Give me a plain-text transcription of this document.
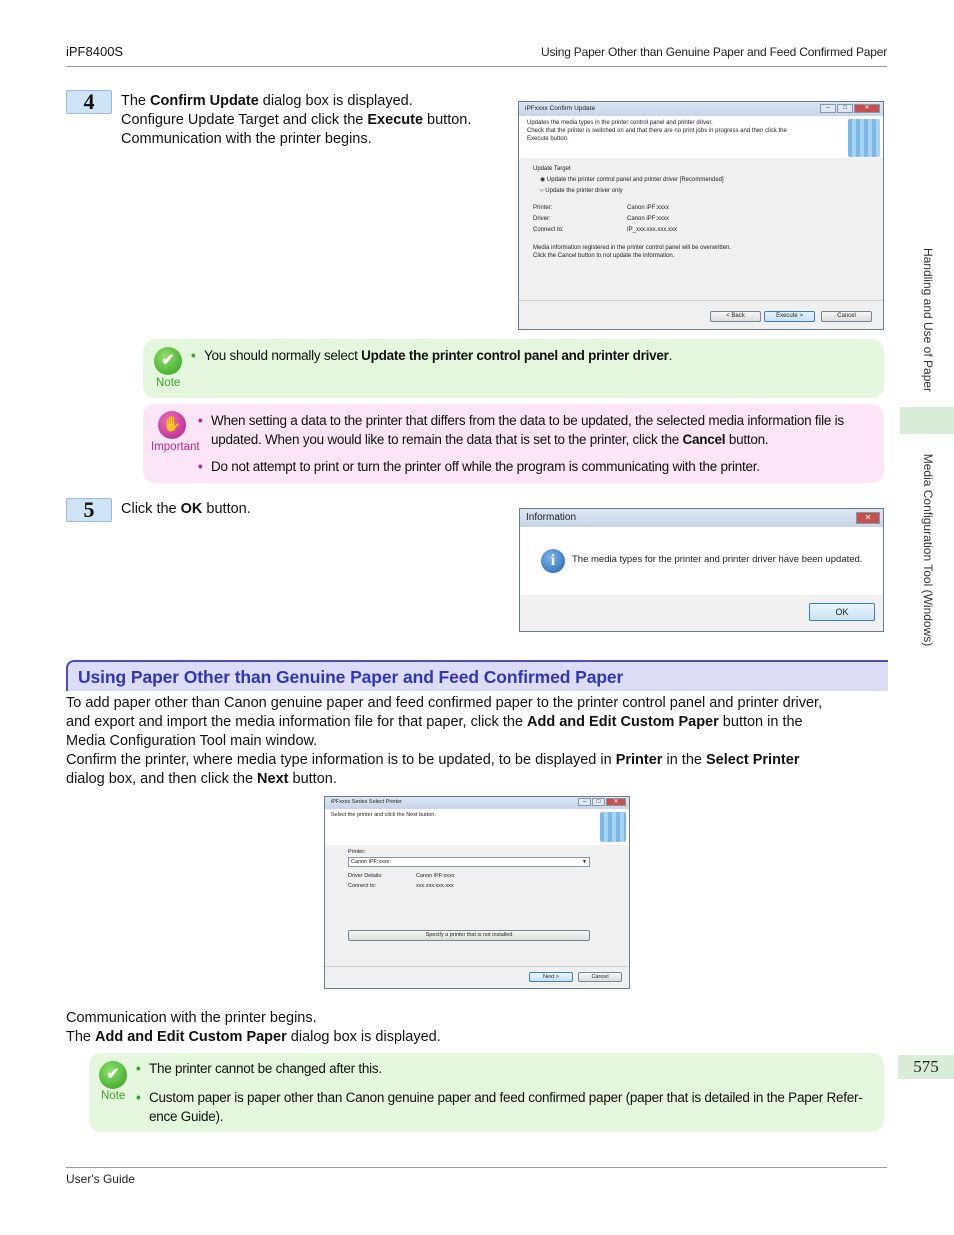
iPF8400S	Using Paper Other than Genuine Paper and Feed Confirmed Paper
Handling and Use of Paper
Media Configuration Tool (Windows)
4	The Confirm Update dialog box is displayed.
Configure Update Target and click the Execute button.
Communication with the printer begins.
iPFxxxx Confirm Update	–	□	✕
Updates the media types in the printer control panel and printer driver.
Check that the printer is switched on and that there are no print jobs in progress and then click the
Execute button.
Update Target
◉ Update the printer control panel and printer driver [Recommended]
○ Update the printer driver only
Printer:	Canon iPF:xxxx
Driver:	Canon iPF:xxxx
Connect to:	IP_xxx.xxx.xxx.xxx
Media information registered in the printer control panel will be overwritten.
Click the Cancel button to not update the information.
< Back	Execute >	Cancel
✔
Note
• You should normally select Update the printer control panel and printer driver.
✋
Important
• When setting a data to the printer that differs from the data to be updated, the selected media information file is
updated. When you would like to remain the data that is set to the printer, click the Cancel button.
• Do not attempt to print or turn the printer off while the program is communicating with the printer.
5	Click the OK button.
Information	✕
i	The media types for the printer and printer driver have been updated.
OK
Using Paper Other than Genuine Paper and Feed Confirmed Paper
To add paper other than Canon genuine paper and feed confirmed paper to the printer control panel and printer driver,
and export and import the media information file for that paper, click the Add and Edit Custom Paper button in the
Media Configuration Tool main window.
Confirm the printer, where media type information is to be updated, to be displayed in Printer in the Select Printer
dialog box, and then click the Next button.
iPFxxxx Series Select Printer	–	□	✕
Select the printer and click the Next button.
Printer:
Canon iPF:xxxx	▼
Driver Details:	Canon iPF:xxxx
Connect to:	xxx.xxx.xxx.xxx
Specify a printer that is not installed
Next >	Cancel
Communication with the printer begins.
The Add and Edit Custom Paper dialog box is displayed.
✔
Note
• The printer cannot be changed after this.
• Custom paper is paper other than Canon genuine paper and feed confirmed paper (paper that is detailed in the Paper Refer-
ence Guide).
575
User's Guide
